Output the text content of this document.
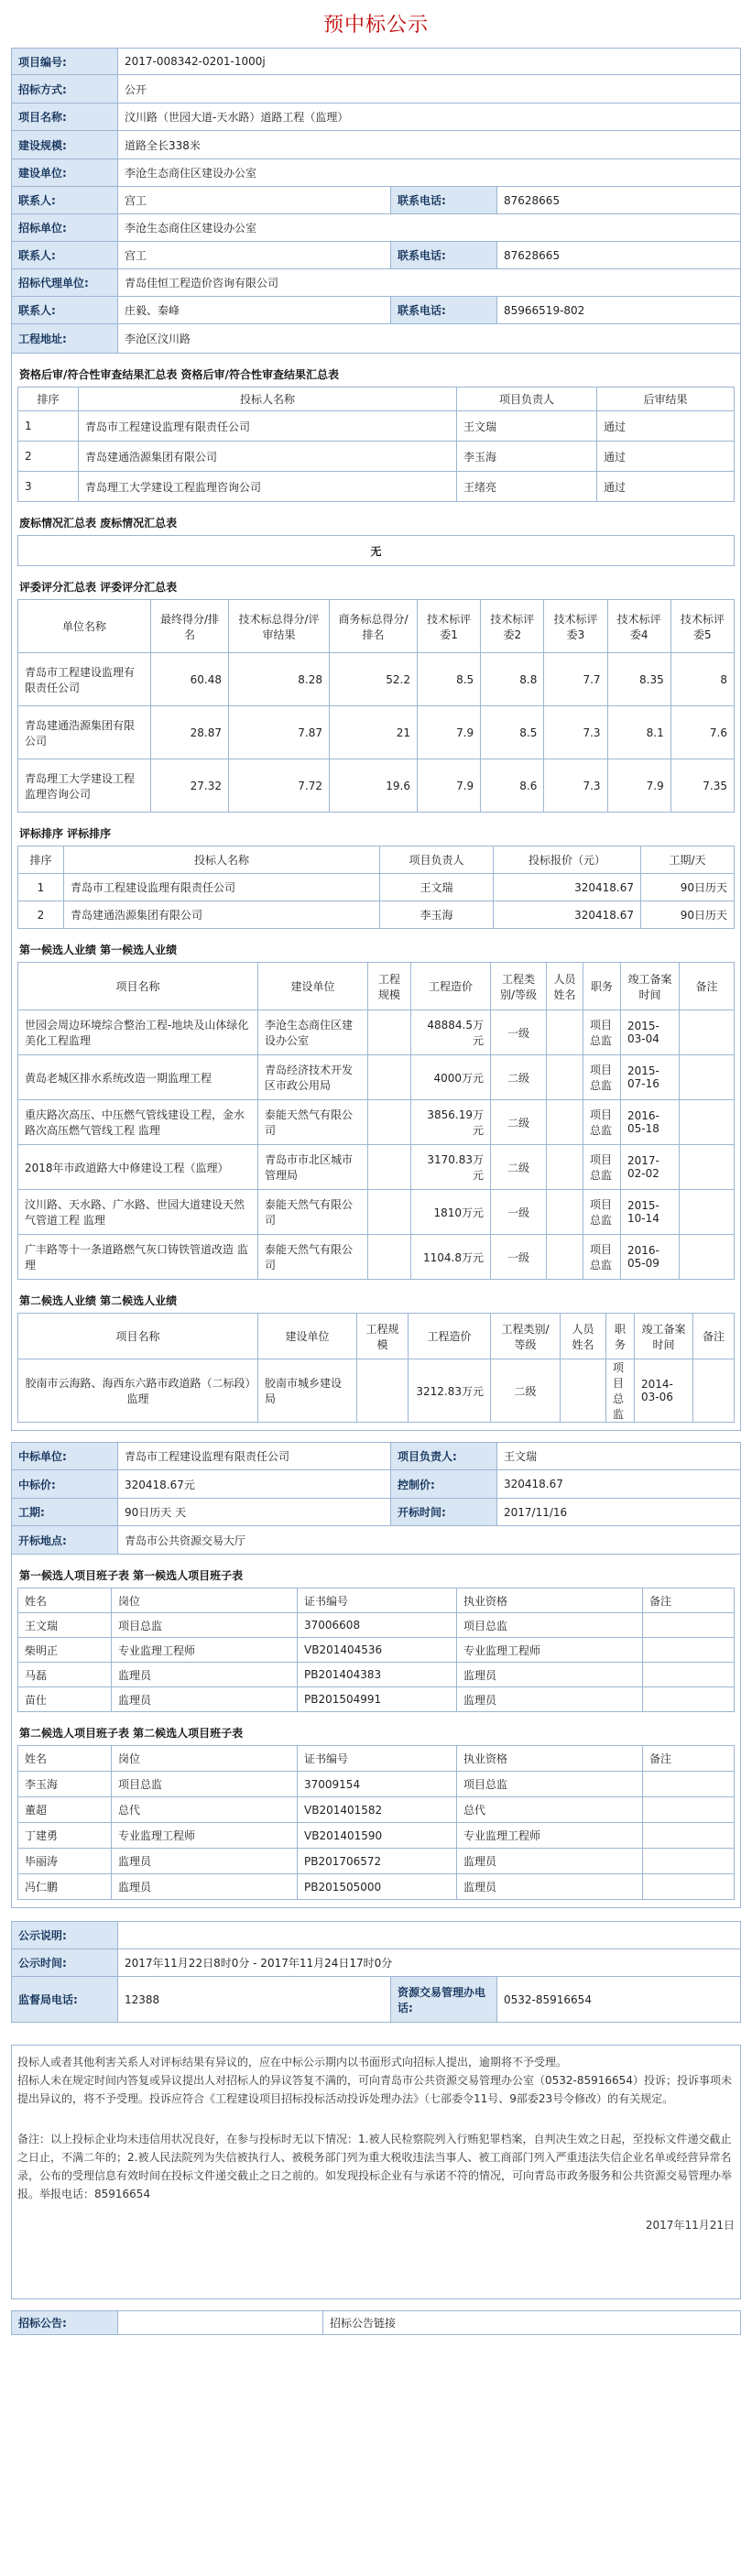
预中标公示
项目编号:	2017-008342-0201-1000j		
招标方式:	公开		
项目名称:	汶川路（世园大道-天水路）道路工程（监理）		
建设规模:	道路全长338米		
建设单位:	李沧生态商住区建设办公室		
联系人:	宫工	联系电话:	87628665
招标单位:	李沧生态商住区建设办公室		
联系人:	宫工	联系电话:	87628665
招标代理单位:	青岛佳恒工程造价咨询有限公司		
联系人:	庄毅、秦峰	联系电话:	85966519-802
工程地址:	李沧区汶川路		
资格后审/符合性审查结果汇总表 资格后审/符合性审查结果汇总表
排序	投标人名称	项目负责人	后审结果
1	青岛市工程建设监理有限责任公司	王文瑞	通过
2	青岛建通浩源集团有限公司	李玉海	通过
3	青岛理工大学建设工程监理咨询公司	王绪亮	通过
废标情况汇总表 废标情况汇总表
无
评委评分汇总表 评委评分汇总表
单位名称	最终得分/排名	技术标总得分/评审结果	商务标总得分/排名	技术标评委1	技术标评委2	技术标评委3	技术标评委4	技术标评委5
青岛市工程建设监理有限责任公司	60.48	8.28	52.2	8.5	8.8	7.7	8.35	8
青岛建通浩源集团有限公司	28.87	7.87	21	7.9	8.5	7.3	8.1	7.6
青岛理工大学建设工程监理咨询公司	27.32	7.72	19.6	7.9	8.6	7.3	7.9	7.35
评标排序 评标排序
排序	投标人名称	项目负责人	投标报价（元）	工期/天
1	青岛市工程建设监理有限责任公司	王文瑞	320418.67	90日历天
2	青岛建通浩源集团有限公司	李玉海	320418.67	90日历天
第一候选人业绩 第一候选人业绩
项目名称	建设单位	工程规模	工程造价	工程类别/等级	人员姓名	职务	竣工备案时间	备注
世园会周边环境综合整治工程-地块及山体绿化美化工程监理	李沧生态商住区建设办公室		48884.5万元	一级		项目总监	2015-03-04	
黄岛老城区排水系统改造一期监理工程	青岛经济技术开发区市政公用局		4000万元	二级		项目总监	2015-07-16	
重庆路次高压、中压燃气管线建设工程，金水路次高压燃气管线工程 监理	泰能天然气有限公司		3856.19万元	二级		项目总监	2016-05-18	
2018年市政道路大中修建设工程（监理）	青岛市市北区城市管理局		3170.83万元	二级		项目总监	2017-02-02	
汶川路、天水路、广水路、世园大道建设天然气管道工程 监理	泰能天然气有限公司		1810万元	一级		项目总监	2015-10-14	
广丰路等十一条道路燃气灰口铸铁管道改造 监理	泰能天然气有限公司		1104.8万元	一级		项目总监	2016-05-09	
第二候选人业绩 第二候选人业绩
项目名称	建设单位	工程规模	工程造价	工程类别/等级	人员姓名	职务	竣工备案时间	备注
胶南市云海路、海西东六路市政道路（二标段）监理	胶南市城乡建设局		3212.83万元	二级		项目总监	2014-03-06	
中标单位:	青岛市工程建设监理有限责任公司	项目负责人:	王文瑞
中标价:	320418.67元	控制价:	320418.67
工期:	90日历天 天	开标时间:	2017/11/16
开标地点:	青岛市公共资源交易大厅		
第一候选人项目班子表 第一候选人项目班子表
姓名	岗位	证书编号	执业资格	备注
王文瑞	项目总监	37006608	项目总监	
柴明正	专业监理工程师	VB201404536	专业监理工程师	
马磊	监理员	PB201404383	监理员	
苗仕	监理员	PB201504991	监理员	
第二候选人项目班子表 第二候选人项目班子表
姓名	岗位	证书编号	执业资格	备注
李玉海	项目总监	37009154	项目总监	
董超	总代	VB201401582	总代	
丁建勇	专业监理工程师	VB201401590	专业监理工程师	
毕丽涛	监理员	PB201706572	监理员	
冯仁鹏	监理员	PB201505000	监理员	
公示说明:			
公示时间:	2017年11月22日8时0分 - 2017年11月24日17时0分		
监督局电话:	12388	资源交易管理办电话:	0532-85916654
投标人或者其他利害关系人对评标结果有异议的，应在中标公示期内以书面形式向招标人提出，逾期将不予受理。
招标人未在规定时间内答复或异议提出人对招标人的异议答复不满的，可向青岛市公共资源交易管理办公室（0532-85916654）投诉；投诉事项未提出异议的，将不予受理。投诉应符合《工程建设项目招标投标活动投诉处理办法》（七部委令11号、9部委23号令修改）的有关规定。
备注：以上投标企业均未违信用状况良好，在参与投标时无以下情况：1.被人民检察院列入行贿犯罪档案，自判决生效之日起，至投标文件递交截止之日止，不满二年的；2.被人民法院列为失信被执行人、被税务部门列为重大税收违法当事人、被工商部门列入严重违法失信企业名单或经营异常名录，公布的受理信息有效时间在投标文件递交截止之日之前的。如发现投标企业有与承诺不符的情况，可向青岛市政务服务和公共资源交易管理办举报。举报电话：85916654
2017年11月21日
招标公告:		招标公告链接
